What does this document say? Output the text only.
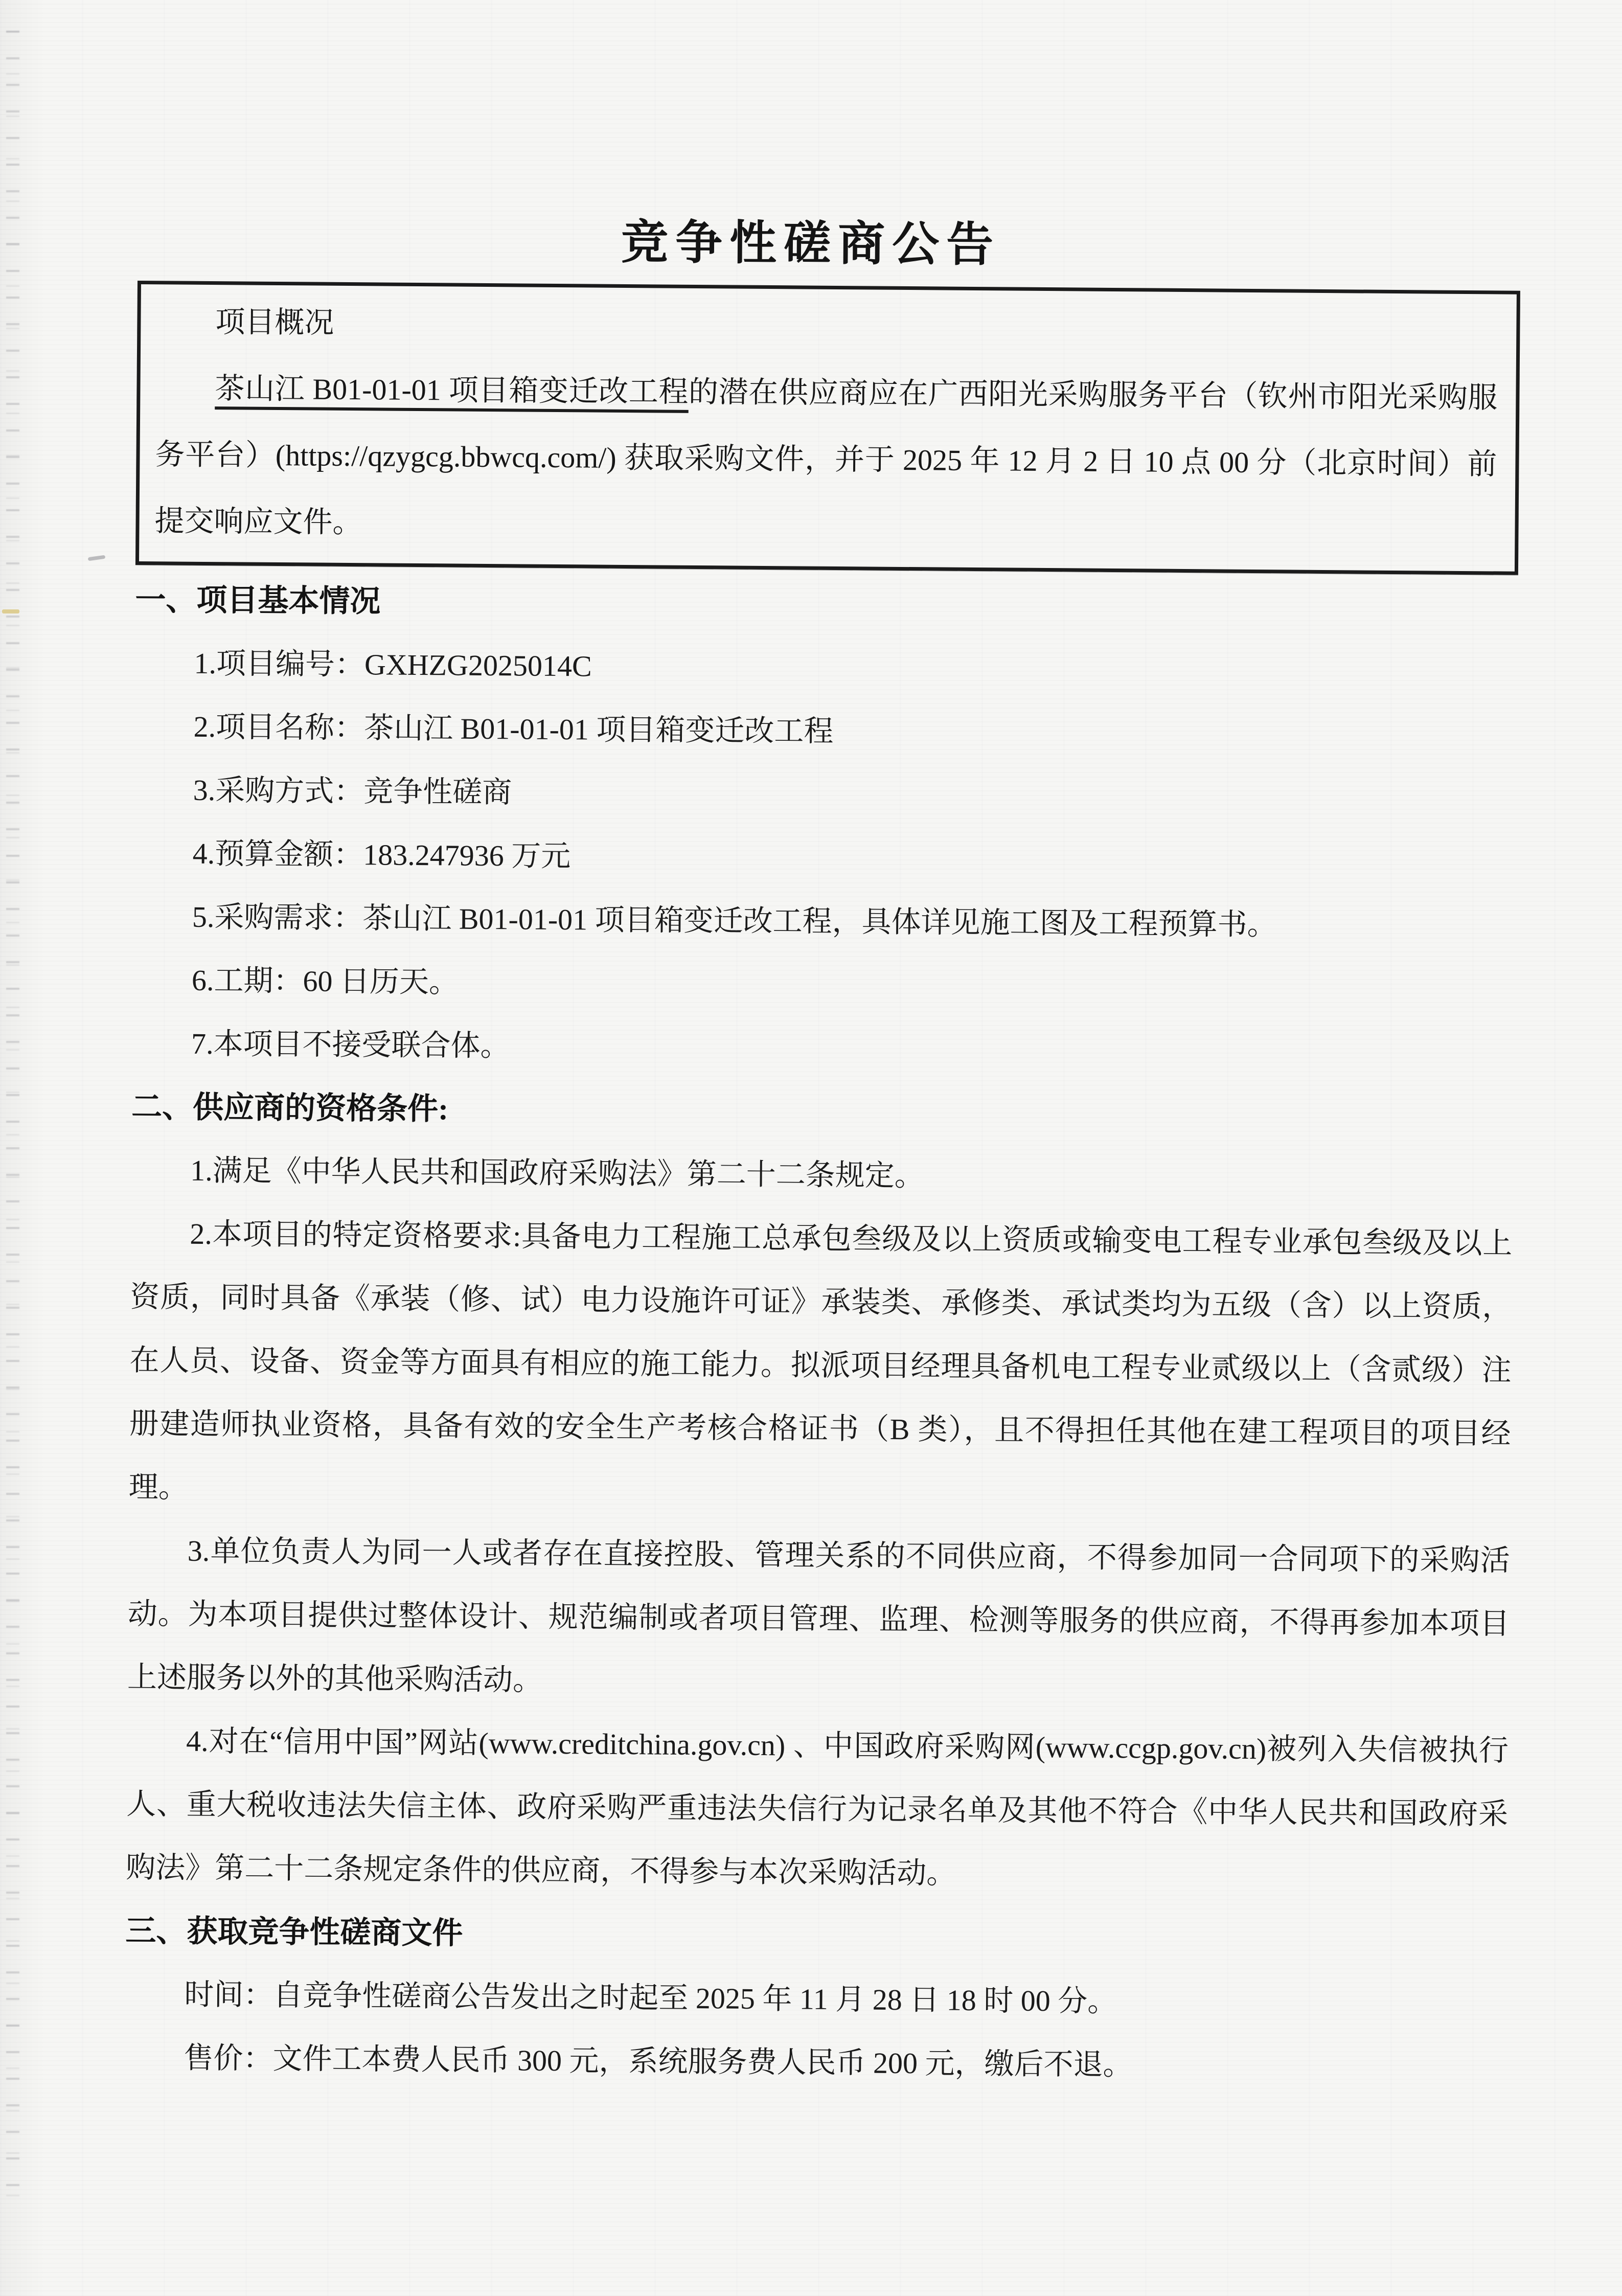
竞争性磋商公告

项目概况

茶山江 B01-01-01 项目箱变迁改工程的潜在供应商应在广西阳光采购服务平台（钦州市阳光采购服务平台）(https://qzygcg.bbwcq.com/) 获取采购文件，并于 2025 年 12 月 2 日 10 点 00 分（北京时间）前提交响应文件。

一、项目基本情况

1.项目编号：GXHZG2025014C

2.项目名称：茶山江 B01-01-01 项目箱变迁改工程

3.采购方式：竞争性磋商

4.预算金额：183.247936 万元

5.采购需求：茶山江 B01-01-01 项目箱变迁改工程，具体详见施工图及工程预算书。

6.工期：60 日历天。

7.本项目不接受联合体。

二、供应商的资格条件:

1.满足《中华人民共和国政府采购法》第二十二条规定。

2.本项目的特定资格要求:具备电力工程施工总承包叁级及以上资质或输变电工程专业承包叁级及以上资质，同时具备《承装（修、试）电力设施许可证》承装类、承修类、承试类均为五级（含）以上资质，在人员、设备、资金等方面具有相应的施工能力。拟派项目经理具备机电工程专业贰级以上（含贰级）注册建造师执业资格，具备有效的安全生产考核合格证书（B 类），且不得担任其他在建工程项目的项目经理。

3.单位负责人为同一人或者存在直接控股、管理关系的不同供应商，不得参加同一合同项下的采购活动。为本项目提供过整体设计、规范编制或者项目管理、监理、检测等服务的供应商，不得再参加本项目上述服务以外的其他采购活动。

4.对在“信用中国”网站(www.creditchina.gov.cn) 、中国政府采购网(www.ccgp.gov.cn)被列入失信被执行人、重大税收违法失信主体、政府采购严重违法失信行为记录名单及其他不符合《中华人民共和国政府采购法》第二十二条规定条件的供应商，不得参与本次采购活动。

三、获取竞争性磋商文件

时间：自竞争性磋商公告发出之时起至 2025 年 11 月 28 日 18 时 00 分。

售价：文件工本费人民币 300 元，系统服务费人民币 200 元，缴后不退。
